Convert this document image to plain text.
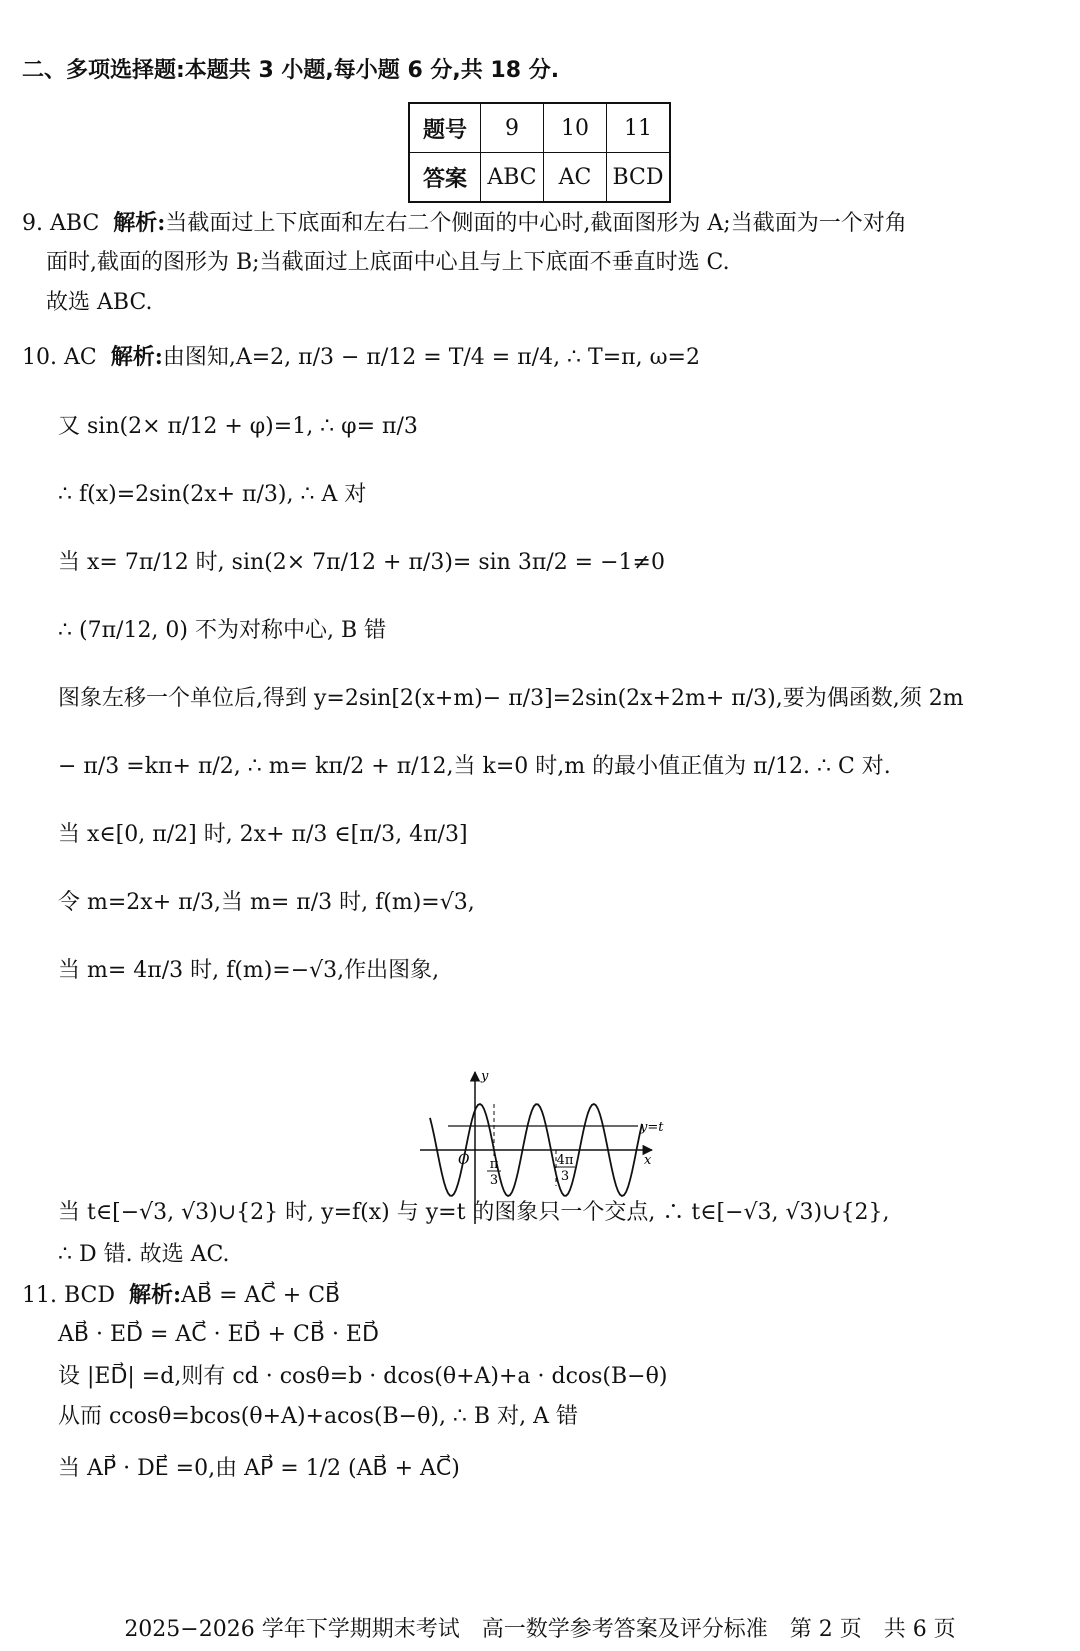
二、多项选择题:本题共 3 小题,每小题 6 分,共 18 分.
题号	9	10	11
答案	ABC	AC	BCD
9. ABC 解析:当截面过上下底面和左右二个侧面的中心时,截面图形为 A;当截面为一个对角
面时,截面的图形为 B;当截面过上底面中心且与上下底面不垂直时选 C.
故选 ABC.
10. AC 解析:由图知,A=2, π/3 − π/12 = T/4 = π/4, ∴ T=π, ω=2
又 sin(2× π/12 + φ)=1, ∴ φ= π/3
∴ f(x)=2sin(2x+ π/3), ∴ A 对
当 x= 7π/12 时, sin(2× 7π/12 + π/3)= sin 3π/2 = −1≠0
∴ (7π/12, 0) 不为对称中心, B 错
图象左移一个单位后,得到 y=2sin[2(x+m)− π/3]=2sin(2x+2m+ π/3),要为偶函数,须 2m
− π/3 =kπ+ π/2, ∴ m= kπ/2 + π/12,当 k=0 时,m 的最小值正值为 π/12. ∴ C 对.
当 x∈[0, π/2] 时, 2x+ π/3 ∈[π/3, 4π/3]
令 m=2x+ π/3,当 m= π/3 时, f(m)=√3,
当 m= 4π/3 时, f(m)=−√3,作出图象,
y
x
O
y=t
π
3
4π
3
当 t∈[−√3, √3)∪{2} 时, y=f(x) 与 y=t 的图象只一个交点, ∴ t∈[−√3, √3)∪{2},
∴ D 错. 故选 AC.
11. BCD 解析:AB⃗ = AC⃗ + CB⃗
AB⃗ · ED⃗ = AC⃗ · ED⃗ + CB⃗ · ED⃗
设 |ED⃗| =d,则有 cd · cosθ=b · dcos(θ+A)+a · dcos(B−θ)
从而 ccosθ=bcos(θ+A)+acos(B−θ), ∴ B 对, A 错
当 AP⃗ · DE⃗ =0,由 AP⃗ = 1/2 (AB⃗ + AC⃗)
2025−2026 学年下学期期末考试　高一数学参考答案及评分标准　第 2 页　共 6 页
